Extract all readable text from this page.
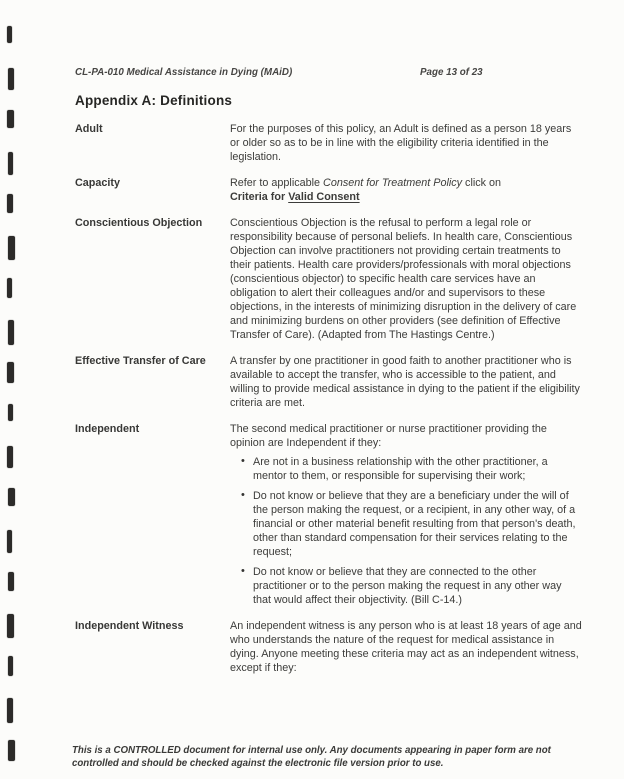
CL-PA-010 Medical Assistance in Dying (MAiD)	Page 13 of 23
Appendix A: Definitions
Adult	For the purposes of this policy, an Adult is defined as a person 18 years or older so as to be in line with the eligibility criteria identified in the legislation.

Capacity	Refer to applicable Consent for Treatment Policy click on
Criteria for Valid Consent

Conscientious Objection	Conscientious Objection is the refusal to perform a legal role or responsibility because of personal beliefs. In health care, Conscientious Objection can involve practitioners not providing certain treatments to their patients. Health care providers/professionals with moral objections (conscientious objector) to specific health care services have an obligation to alert their colleagues and/or and supervisors to these objections, in the interests of minimizing disruption in the delivery of care and minimizing burdens on other providers (see definition of Effective Transfer of Care). (Adapted from The Hastings Centre.)

Effective Transfer of Care	A transfer by one practitioner in good faith to another practitioner who is available to accept the transfer, who is accessible to the patient, and willing to provide medical assistance in dying to the patient if the eligibility criteria are met.

Independent	The second medical practitioner or nurse practitioner providing the opinion are Independent if they:

• Are not in a business relationship with the other practitioner, a mentor to them, or responsible for supervising their work;
• Do not know or believe that they are a beneficiary under the will of the person making the request, or a recipient, in any other way, of a financial or other material benefit resulting from that person's death, other than standard compensation for their services relating to the request;
• Do not know or believe that they are connected to the other practitioner or to the person making the request in any other way that would affect their objectivity. (Bill C-14.)
Independent Witness	An independent witness is any person who is at least 18 years of age and who understands the nature of the request for medical assistance in dying. Anyone meeting these criteria may act as an independent witness, except if they:

This is a CONTROLLED document for internal use only. Any documents appearing in paper form are not controlled and should be checked against the electronic file version prior to use.
